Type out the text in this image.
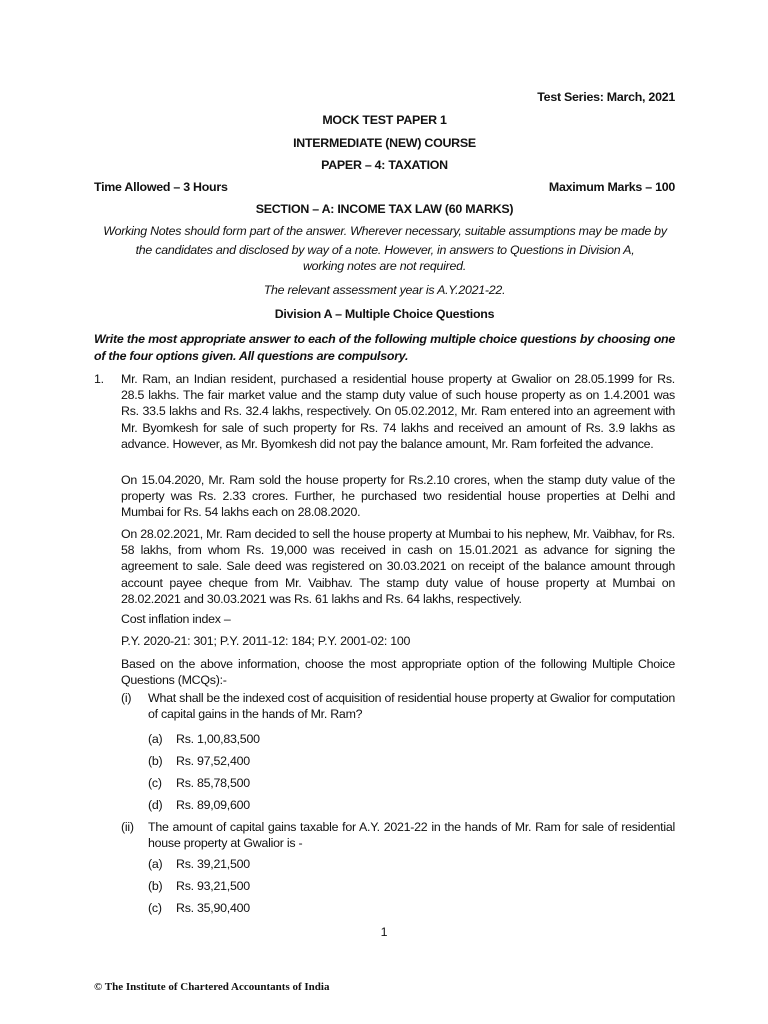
Test Series: March, 2021
MOCK TEST PAPER 1
INTERMEDIATE (NEW) COURSE
PAPER – 4: TAXATION
Time Allowed – 3 Hours	Maximum Marks – 100
SECTION – A: INCOME TAX LAW (60 MARKS)
Working Notes should form part of the answer. Wherever necessary, suitable assumptions may be made by
the candidates and disclosed by way of a note. However, in answers to Questions in Division A,
working notes are not required.
The relevant assessment year is A.Y.2021-22.
Division A – Multiple Choice Questions
Write the most appropriate answer to each of the following multiple choice questions by choosing one of the four options given. All questions are compulsory.
1. Mr. Ram, an Indian resident, purchased a residential house property at Gwalior on 28.05.1999 for Rs. 28.5 lakhs. The fair market value and the stamp duty value of such house property as on 1.4.2001 was Rs. 33.5 lakhs and Rs. 32.4 lakhs, respectively. On 05.02.2012, Mr. Ram entered into an agreement with Mr. Byomkesh for sale of such property for Rs. 74 lakhs and received an amount of Rs. 3.9 lakhs as advance. However, as Mr. Byomkesh did not pay the balance amount, Mr. Ram forfeited the advance.
On 15.04.2020, Mr. Ram sold the house property for Rs.2.10 crores, when the stamp duty value of the property was Rs. 2.33 crores. Further, he purchased two residential house properties at Delhi and Mumbai for Rs. 54 lakhs each on 28.08.2020.
On 28.02.2021, Mr. Ram decided to sell the house property at Mumbai to his nephew, Mr. Vaibhav, for Rs. 58 lakhs, from whom Rs. 19,000 was received in cash on 15.01.2021 as advance for signing the agreement to sale. Sale deed was registered on 30.03.2021 on receipt of the balance amount through account payee cheque from Mr. Vaibhav. The stamp duty value of house property at Mumbai on 28.02.2021 and 30.03.2021 was Rs. 61 lakhs and Rs. 64 lakhs, respectively.
Cost inflation index –
P.Y. 2020-21: 301; P.Y. 2011-12: 184; P.Y. 2001-02: 100
Based on the above information, choose the most appropriate option of the following Multiple Choice Questions (MCQs):-
(i) What shall be the indexed cost of acquisition of residential house property at Gwalior for computation of capital gains in the hands of Mr. Ram?
(a) Rs. 1,00,83,500
(b) Rs. 97,52,400
(c) Rs. 85,78,500
(d) Rs. 89,09,600
(ii) The amount of capital gains taxable for A.Y. 2021-22 in the hands of Mr. Ram for sale of residential house property at Gwalior is -
(a) Rs. 39,21,500
(b) Rs. 93,21,500
(c) Rs. 35,90,400
1
© The Institute of Chartered Accountants of India
